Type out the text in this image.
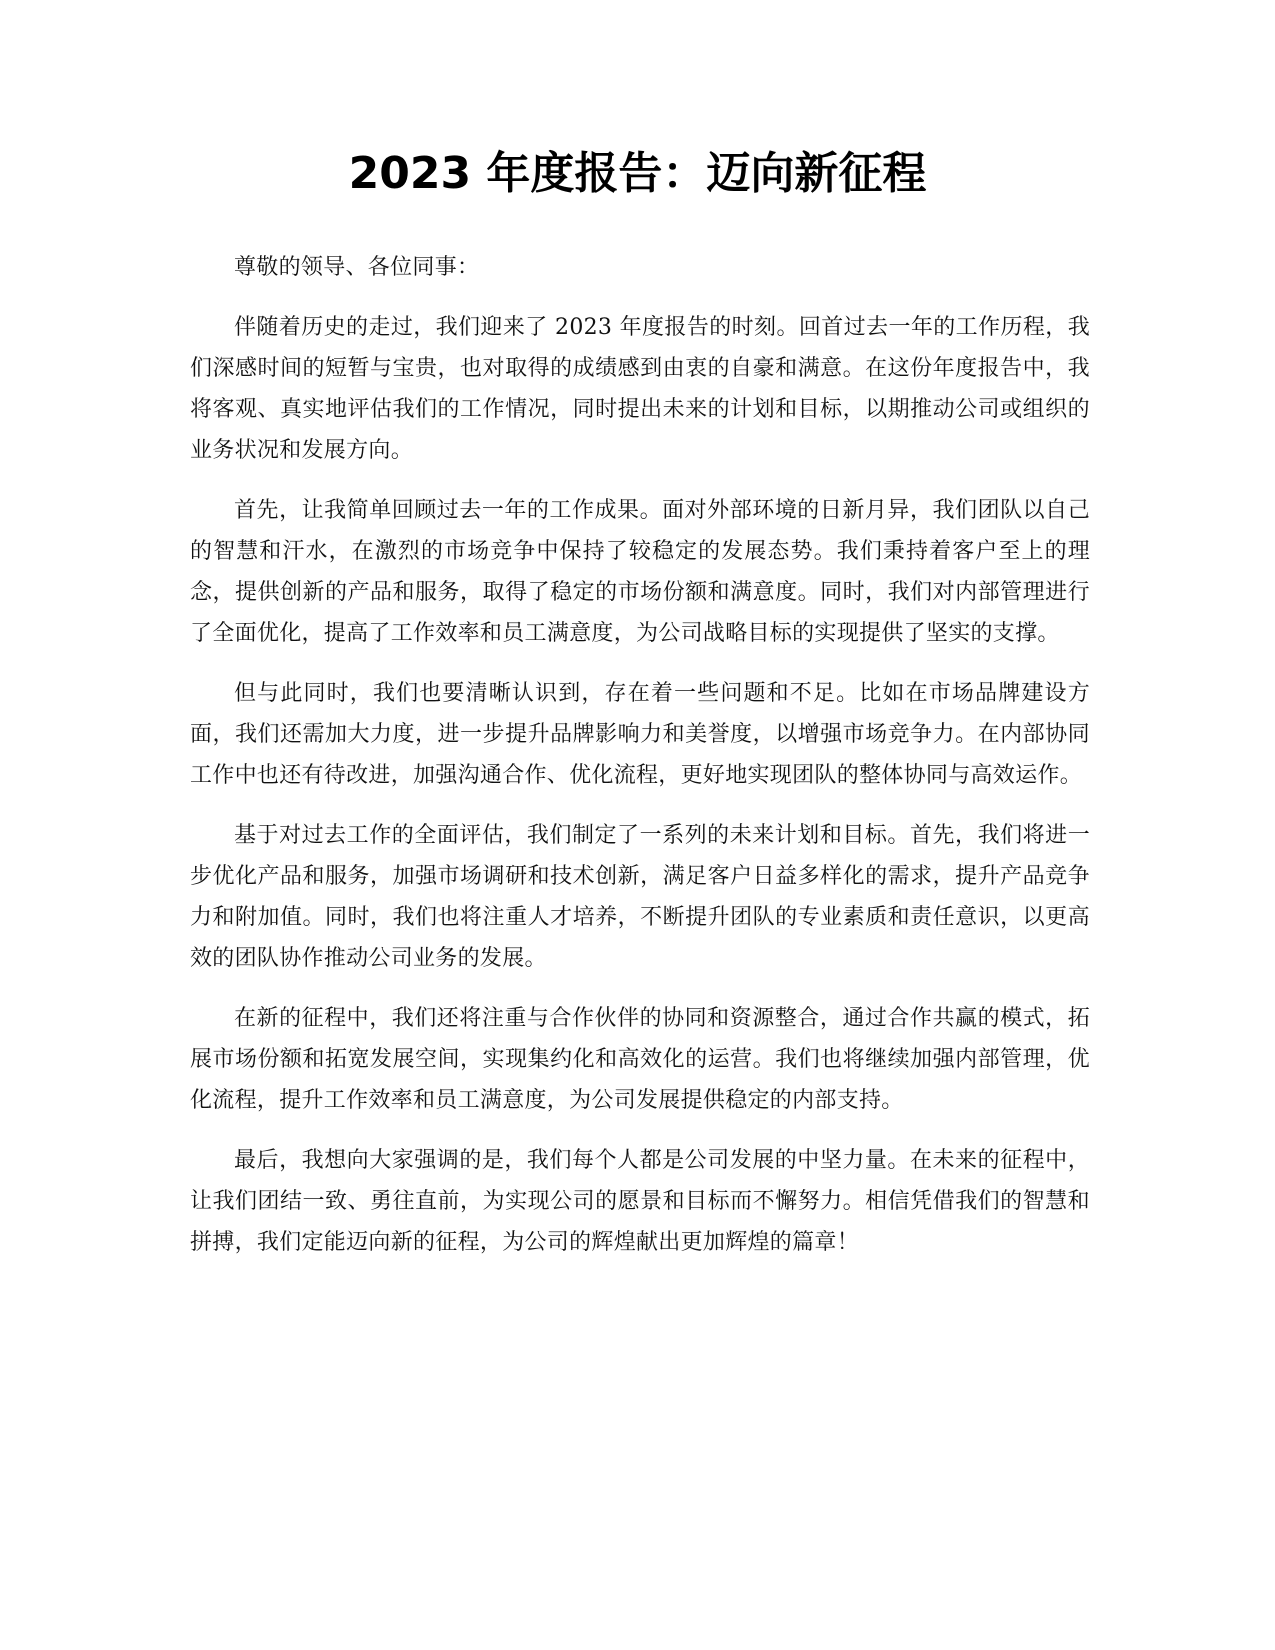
2023 年度报告：迈向新征程

尊敬的领导、各位同事：

伴随着历史的走过，我们迎来了 2023 年度报告的时刻。回首过去一年的工作历程，我们深感时间的短暂与宝贵，也对取得的成绩感到由衷的自豪和满意。在这份年度报告中，我将客观、真实地评估我们的工作情况，同时提出未来的计划和目标，以期推动公司或组织的业务状况和发展方向。

首先，让我简单回顾过去一年的工作成果。面对外部环境的日新月异，我们团队以自己的智慧和汗水，在激烈的市场竞争中保持了较稳定的发展态势。我们秉持着客户至上的理念，提供创新的产品和服务，取得了稳定的市场份额和满意度。同时，我们对内部管理进行了全面优化，提高了工作效率和员工满意度，为公司战略目标的实现提供了坚实的支撑。

但与此同时，我们也要清晰认识到，存在着一些问题和不足。比如在市场品牌建设方面，我们还需加大力度，进一步提升品牌影响力和美誉度，以增强市场竞争力。在内部协同工作中也还有待改进，加强沟通合作、优化流程，更好地实现团队的整体协同与高效运作。

基于对过去工作的全面评估，我们制定了一系列的未来计划和目标。首先，我们将进一步优化产品和服务，加强市场调研和技术创新，满足客户日益多样化的需求，提升产品竞争力和附加值。同时，我们也将注重人才培养，不断提升团队的专业素质和责任意识，以更高效的团队协作推动公司业务的发展。

在新的征程中，我们还将注重与合作伙伴的协同和资源整合，通过合作共赢的模式，拓展市场份额和拓宽发展空间，实现集约化和高效化的运营。我们也将继续加强内部管理，优化流程，提升工作效率和员工满意度，为公司发展提供稳定的内部支持。

最后，我想向大家强调的是，我们每个人都是公司发展的中坚力量。在未来的征程中，让我们团结一致、勇往直前，为实现公司的愿景和目标而不懈努力。相信凭借我们的智慧和拼搏，我们定能迈向新的征程，为公司的辉煌献出更加辉煌的篇章！
